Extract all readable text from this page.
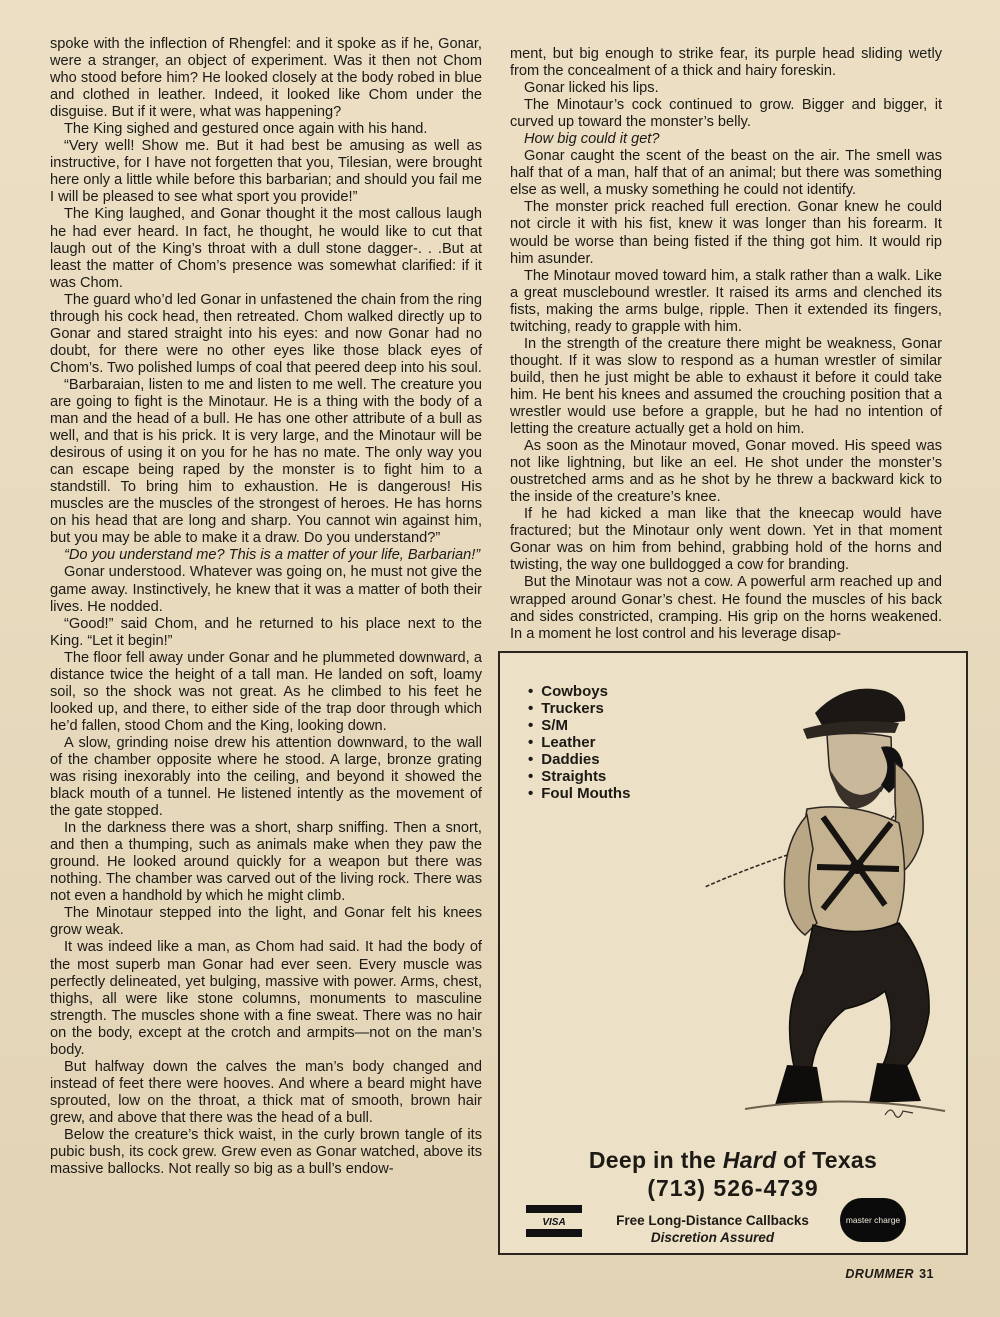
spoke with the inflection of Rhengfel: and it spoke as if he, Gonar, were a stranger, an object of experiment. Was it then not Chom who stood before him? He looked closely at the body robed in blue and clothed in leather. Indeed, it looked like Chom under the disguise. But if it were, what was happening?

The King sighed and gestured once again with his hand.

“Very well! Show me. But it had best be amusing as well as instructive, for I have not forgetten that you, Tilesian, were brought here only a little while before this barbarian; and should you fail me I will be pleased to see what sport you provide!”

The King laughed, and Gonar thought it the most callous laugh he had ever heard. In fact, he thought, he would like to cut that laugh out of the King’s throat with a dull stone dagger-. . .But at least the matter of Chom’s presence was somewhat clarified: if it was Chom.

The guard who’d led Gonar in unfastened the chain from the ring through his cock head, then retreated. Chom walked directly up to Gonar and stared straight into his eyes: and now Gonar had no doubt, for there were no other eyes like those black eyes of Chom’s. Two polished lumps of coal that peered deep into his soul.

“Barbaraian, listen to me and listen to me well. The creature you are going to fight is the Minotaur. He is a thing with the body of a man and the head of a bull. He has one other attribute of a bull as well, and that is his prick. It is very large, and the Minotaur will be desirous of using it on you for he has no mate. The only way you can escape being raped by the monster is to fight him to a standstill. To bring him to exhaustion. He is dangerous! His muscles are the muscles of the strongest of heroes. He has horns on his head that are long and sharp. You cannot win against him, but you may be able to make it a draw. Do you understand?”

“Do you understand me? This is a matter of your life, Barbarian!”

Gonar understood. Whatever was going on, he must not give the game away. Instinctively, he knew that it was a matter of both their lives. He nodded.

“Good!” said Chom, and he returned to his place next to the King. “Let it begin!”

The floor fell away under Gonar and he plummeted downward, a distance twice the height of a tall man. He landed on soft, loamy soil, so the shock was not great. As he climbed to his feet he looked up, and there, to either side of the trap door through which he’d fallen, stood Chom and the King, looking down.

A slow, grinding noise drew his attention downward, to the wall of the chamber opposite where he stood. A large, bronze grating was rising inexorably into the ceiling, and beyond it showed the black mouth of a tunnel. He listened intently as the movement of the gate stopped.

In the darkness there was a short, sharp sniffing. Then a snort, and then a thumping, such as animals make when they paw the ground. He looked around quickly for a weapon but there was nothing. The chamber was carved out of the living rock. There was not even a handhold by which he might climb.

The Minotaur stepped into the light, and Gonar felt his knees grow weak.

It was indeed like a man, as Chom had said. It had the body of the most superb man Gonar had ever seen. Every muscle was perfectly delineated, yet bulging, massive with power. Arms, chest, thighs, all were like stone columns, monuments to masculine strength. The muscles shone with a fine sweat. There was no hair on the body, except at the crotch and armpits—not on the man’s body.

But halfway down the calves the man’s body changed and instead of feet there were hooves. And where a beard might have sprouted, low on the throat, a thick mat of smooth, brown hair grew, and above that there was the head of a bull.

Below the creature’s thick waist, in the curly brown tangle of its pubic bush, its cock grew. Grew even as Gonar watched, above its massive ballocks. Not really so big as a bull’s endow-

ment, but big enough to strike fear, its purple head sliding wetly from the concealment of a thick and hairy foreskin.

Gonar licked his lips.

The Minotaur’s cock continued to grow. Bigger and bigger, it curved up toward the monster’s belly.

How big could it get?

Gonar caught the scent of the beast on the air. The smell was half that of a man, half that of an animal; but there was something else as well, a musky something he could not identify.

The monster prick reached full erection. Gonar knew he could not circle it with his fist, knew it was longer than his forearm. It would be worse than being fisted if the thing got him. It would rip him asunder.

The Minotaur moved toward him, a stalk rather than a walk. Like a great musclebound wrestler. It raised its arms and clenched its fists, making the arms bulge, ripple. Then it extended its fingers, twitching, ready to grapple with him.

In the strength of the creature there might be weakness, Gonar thought. If it was slow to respond as a human wrestler of similar build, then he just might be able to exhaust it before it could take him. He bent his knees and assumed the crouching position that a wrestler would use before a grapple, but he had no intention of letting the creature actually get a hold on him.

As soon as the Minotaur moved, Gonar moved. His speed was not like lightning, but like an eel. He shot under the monster’s oustretched arms and as he shot by he threw a backward kick to the inside of the creature’s knee.

If he had kicked a man like that the kneecap would have fractured; but the Minotaur only went down. Yet in that moment Gonar was on him from behind, grabbing hold of the horns and twisting, the way one bulldogged a cow for branding.

But the Minotaur was not a cow. A powerful arm reached up and wrapped around Gonar’s chest. He found the muscles of his back and sides constricted, cramping. His grip on the horns weakened. In a moment he lost control and his leverage disap-

• Cowboys
• Truckers
• S/M
• Leather
• Daddies
• Straights
• Foul Mouths
Deep in the Hard of Texas
(713) 526-4739
VISA	Free Long-Distance Callbacks
Discretion Assured
master charge
DRUMMER 31
